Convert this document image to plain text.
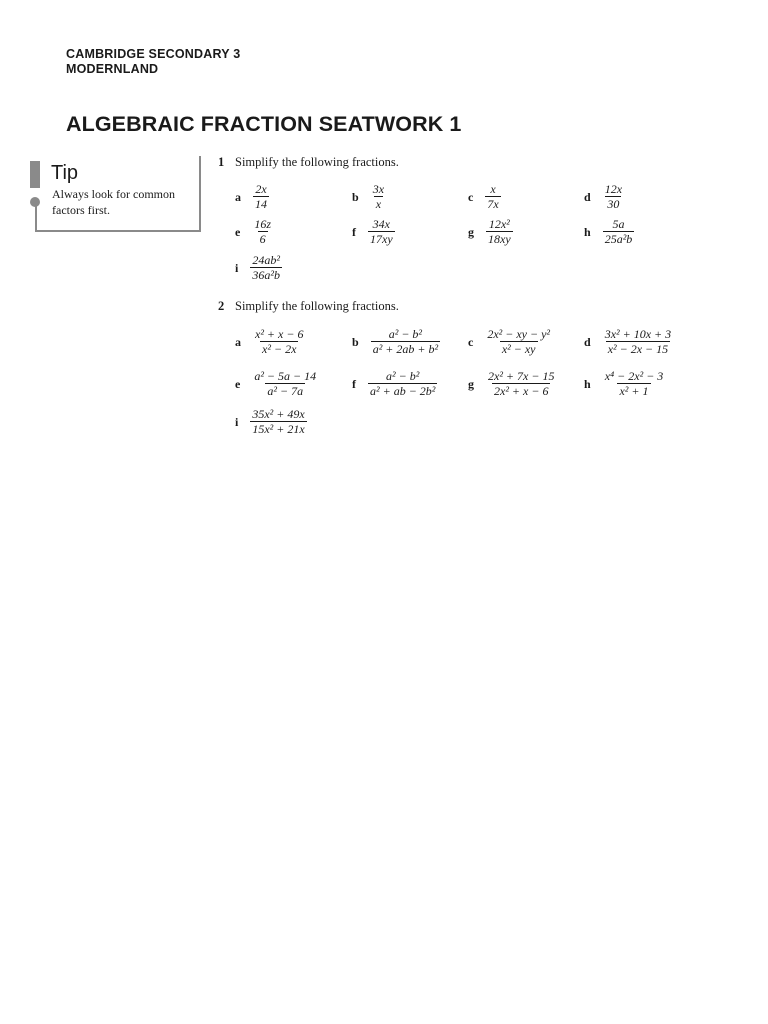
CAMBRIDGE SECONDARY 3
MODERNLAND
ALGEBRAIC FRACTION SEATWORK 1
Tip
Always look for common factors first.
1 Simplify the following fractions.
a $\frac{2x}{14}$	b $\frac{3x}{x}$	c $\frac{x}{7x}$	d $\frac{12x}{30}$
e $\frac{16z}{6}$	f $\frac{34x}{17xy}$	g $\frac{\text{12x²}}{18xy}$	h $\frac{5a}{\text{25a²b}}$
i $\frac{\text{24ab²}}{\text{36a²b}}$
2 Simplify the following fractions.
a $\frac{\text{x² + x − 6}}{\text{x² − 2x}}$	b $\frac{\text{a² − b²}}{\text{a² + 2ab + b²}}$ c $\frac{\text{2x² − xy − y²}}{\text{x² − xy}}$	d $\frac{\text{3x² + 10x + 3}}{\text{x² − 2x − 15}}$
e $\frac{\text{a² − 5a − 14}}{\text{a² − 7a}}$	f $\frac{\text{a² − b²}}{\text{a² + ab − 2b²}}$	g $\frac{\text{2x² + 7x − 15}}{\text{2x² + x − 6}}$ h $\frac{\text{x⁴ − 2x² − 3}}{\text{x² + 1}}$
i $\frac{\text{35x² + 49x}}{\text{15x² + 21x}}$
